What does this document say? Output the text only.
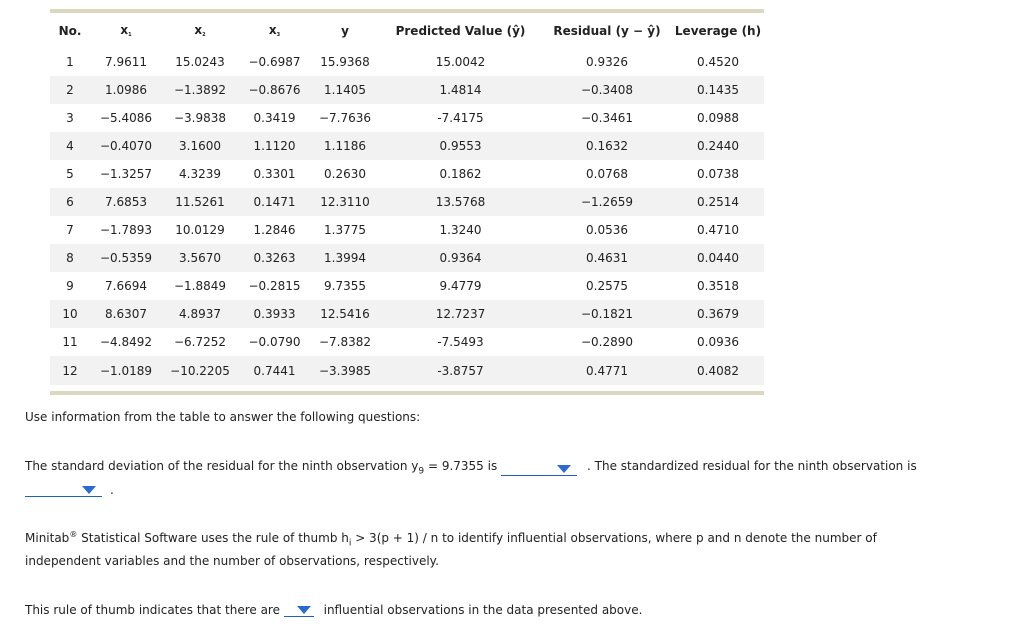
No.	$x_1$	$x_2$	$x_3$	y	Predicted Value (ŷ)	Residual (y − ŷ)	Leverage (h)
1	7.9611	15.0243	−0.6987	15.9368	15.0042	0.9326	0.4520
2	1.0986	−1.3892	−0.8676	1.1405	1.4814	−0.3408	0.1435
3	−5.4086	−3.9838	0.3419	−7.7636	-7.4175	−0.3461	0.0988
4	−0.4070	3.1600	1.1120	1.1186	0.9553	0.1632	0.2440
5	−1.3257	4.3239	0.3301	0.2630	0.1862	0.0768	0.0738
6	7.6853	11.5261	0.1471	12.3110	13.5768	−1.2659	0.2514
7	−1.7893	10.0129	1.2846	1.3775	1.3240	0.0536	0.4710
8	−0.5359	3.5670	0.3263	1.3994	0.9364	0.4631	0.0440
9	7.6694	−1.8849	−0.2815	9.7355	9.4779	0.2575	0.3518
10	8.6307	4.8937	0.3933	12.5416	12.7237	−0.1821	0.3679
11	−4.8492	−6.7252	−0.0790	−7.8382	-7.5493	−0.2890	0.0936
12	−1.0189	−10.2205	0.7441	−3.3985	-3.8757	0.4771	0.4082
Use information from the table to answer the following questions:
The standard deviation of the residual for the ninth observation $y_9 = 9.7355$ is	. The standardized residual for the ninth observation is
.
Minitab® Statistical Software uses the rule of thumb $h_i > 3(p + 1) / n$ to identify influential observations, where p and n denote the number of
independent variables and the number of observations, respectively.
This rule of thumb indicates that there are	influential observations in the data presented above.
